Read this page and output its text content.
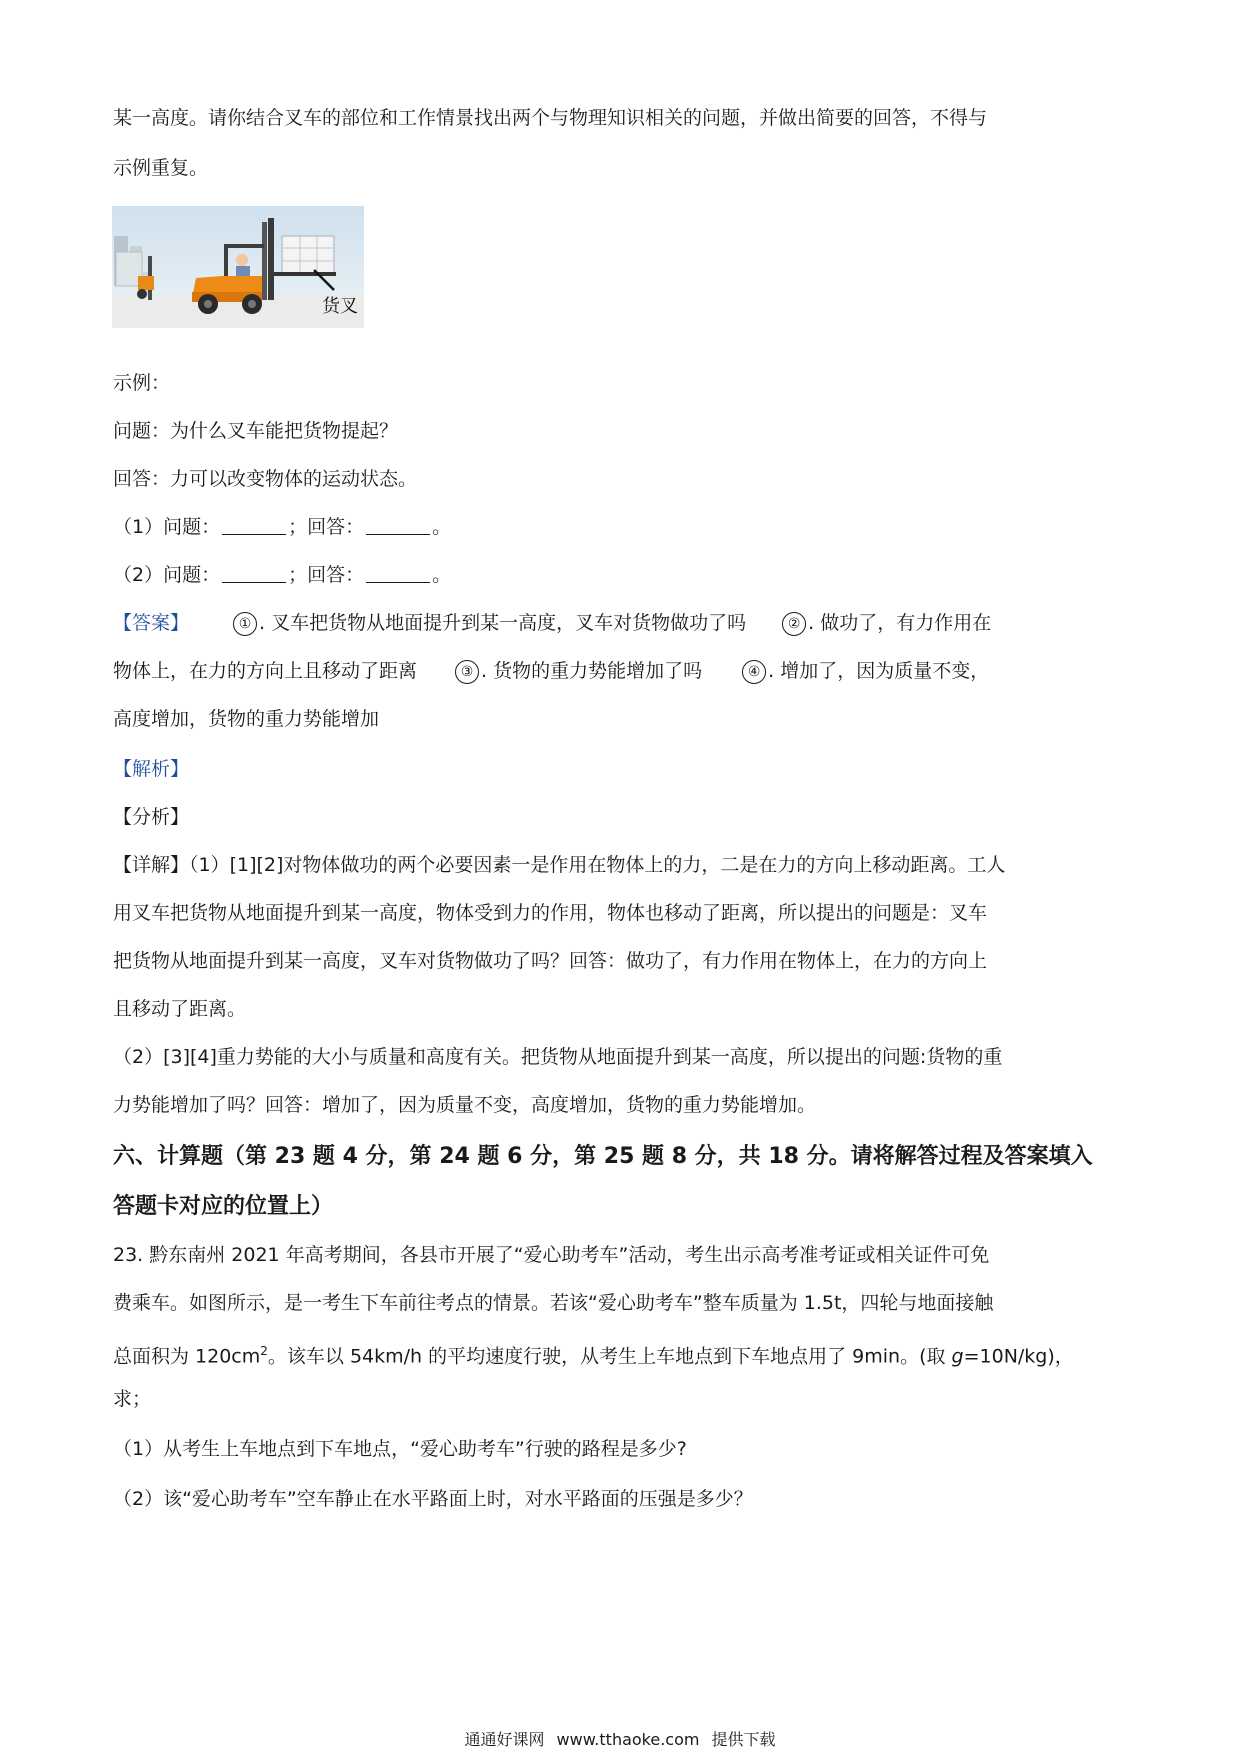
某一高度。请你结合叉车的部位和工作情景找出两个与物理知识相关的问题，并做出简要的回答，不得与
示例重复。
货叉
示例：
问题：为什么叉车能把货物提起？
回答：力可以改变物体的运动状态。
（1）问题：	；回答：	。
（2）问题：	；回答：	。
【答案】	① . 叉车把货物从地面提升到某一高度，叉车对货物做功了吗	② . 做功了，有力作用在
物体上，在力的方向上且移动了距离	③ . 货物的重力势能增加了吗	④ . 增加了，因为质量不变，
高度增加，货物的重力势能增加
【解析】
【分析】
【详解】（1）[1][2]对物体做功的两个必要因素一是作用在物体上的力，二是在力的方向上移动距离。工人
用叉车把货物从地面提升到某一高度，物体受到力的作用，物体也移动了距离，所以提出的问题是：叉车
把货物从地面提升到某一高度，叉车对货物做功了吗？回答：做功了，有力作用在物体上，在力的方向上
且移动了距离。
（2）[3][4]重力势能的大小与质量和高度有关。把货物从地面提升到某一高度，所以提出的问题:货物的重
力势能增加了吗？回答：增加了，因为质量不变，高度增加，货物的重力势能增加。
六、计算题（第 23 题 4 分，第 24 题 6 分，第 25 题 8 分，共 18 分。请将解答过程及答案填入
答题卡对应的位置上）
23. 黔东南州 2021 年高考期间，各县市开展了“爱心助考车”活动，考生出示高考准考证或相关证件可免
费乘车。如图所示，是一考生下车前往考点的情景。若该“爱心助考车”整车质量为 1.5t，四轮与地面接触
总面积为 $120cm^2$。该车以 54km/h 的平均速度行驶，从考生上车地点到下车地点用了 9min。(取 g=10N/kg)，
求；
（1）从考生上车地点到下车地点，“爱心助考车”行驶的路程是多少?
（2）该“爱心助考车”空车静止在水平路面上时，对水平路面的压强是多少？
通通好课网 www.tthaoke.com 提供下载
